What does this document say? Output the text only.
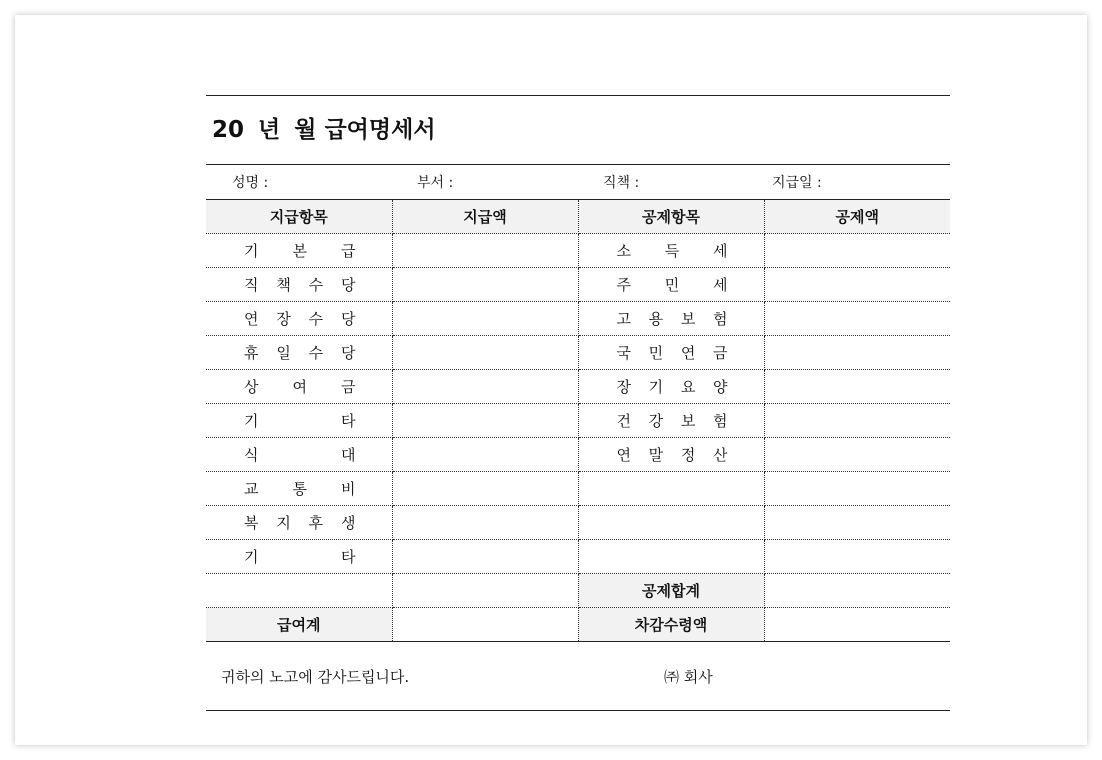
20 년 월 급여명세서
성명 :	부서 :	직책 :	지급일 :
지급항목	지급액	공제항목	공제액

기 본 급		소 득 세	

직 책 수 당		주 민 세	

연 장 수 당		고 용 보 험	

휴 일 수 당		국 민 연 금	

상 여 금		장 기 요 양	

기 타		건 강 보 험	

식 대		연 말 정 산	

교 통 비			

복 지 후 생			

기 타			

		공제합계	
급여계		차감수령액	
귀하의 노고에 감사드립니다.	㈜ 회사
